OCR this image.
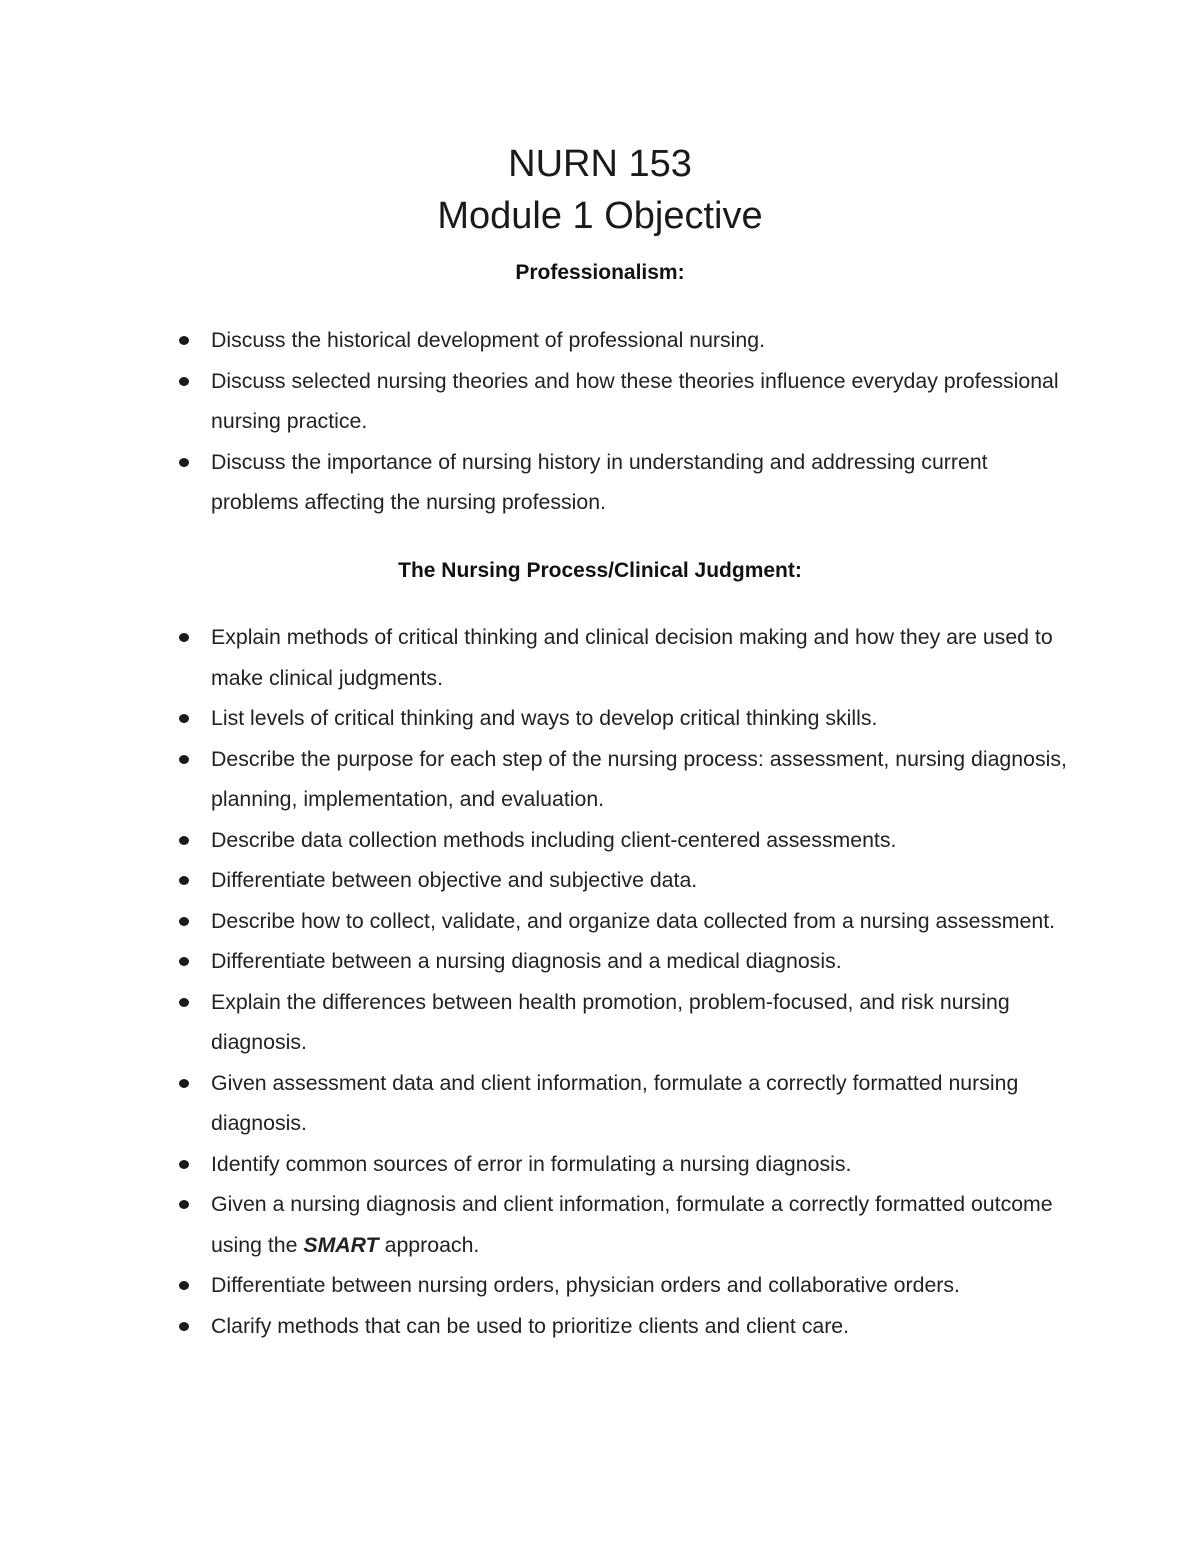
NURN 153
Module 1 Objective
Professionalism:
Discuss the historical development of professional nursing.
Discuss selected nursing theories and how these theories influence everyday professional nursing practice.
Discuss the importance of nursing history in understanding and addressing current problems affecting the nursing profession.
The Nursing Process/Clinical Judgment:
Explain methods of critical thinking and clinical decision making and how they are used to make clinical judgments.
List levels of critical thinking and ways to develop critical thinking skills.
Describe the purpose for each step of the nursing process: assessment, nursing diagnosis, planning, implementation, and evaluation.
Describe data collection methods including client-centered assessments.
Differentiate between objective and subjective data.
Describe how to collect, validate, and organize data collected from a nursing assessment.
Differentiate between a nursing diagnosis and a medical diagnosis.
Explain the differences between health promotion, problem-focused, and risk nursing diagnosis.
Given assessment data and client information, formulate a correctly formatted nursing diagnosis.
Identify common sources of error in formulating a nursing diagnosis.
Given a nursing diagnosis and client information, formulate a correctly formatted outcome using the SMART approach.
Differentiate between nursing orders, physician orders and collaborative orders.
Clarify methods that can be used to prioritize clients and client care.
